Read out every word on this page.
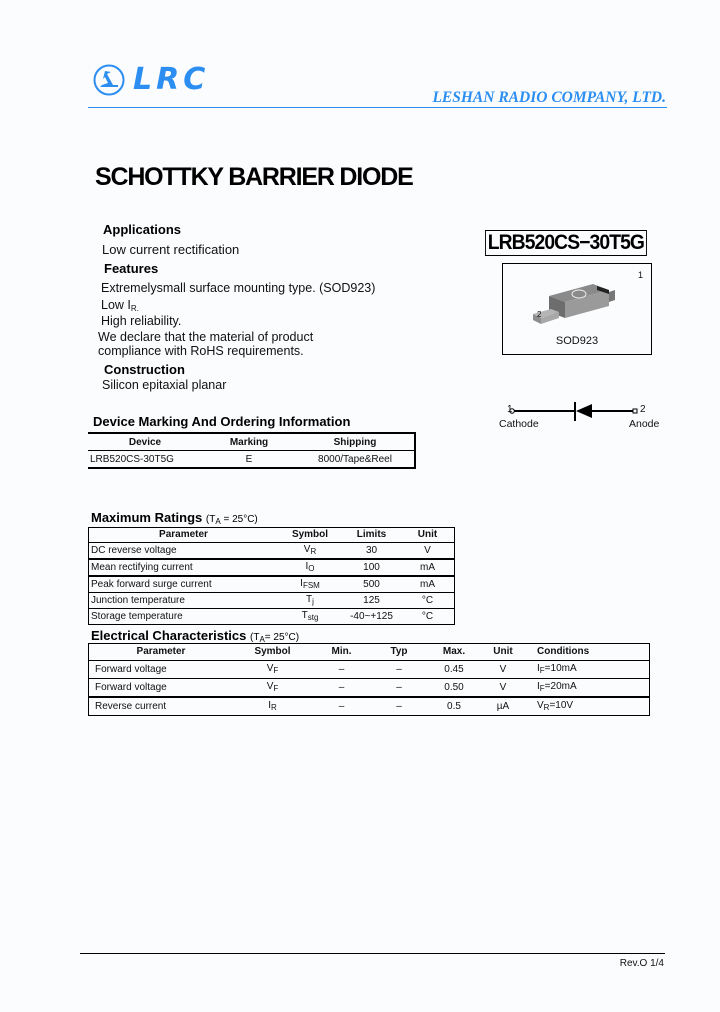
LRC
LESHAN RADIO COMPANY, LTD.
SCHOTTKY BARRIER DIODE
Applications
Low current rectification
Features
Extremelysmall surface mounting type. (SOD923)
Low $I_{R.}$
High reliability.
We declare that the material of product
compliance with RoHS requirements.
Construction
Silicon epitaxial planar
LRB520CS−30T5G
1
2
SOD923
1	2
Cathode	Anode
Device Marking And Ordering Information
Device	Marking	Shipping
LRB520CS-30T5G	E	8000/Tape&Reel
Maximum Ratings $(T_A = 25^\circ C)$
Parameter	Symbol	Limits	Unit
DC reverse voltage	$V_R$	30	V
Mean rectifying current	$I_O$	100	mA
Peak forward surge current	$I_{FSM}$	500	mA
Junction temperature	$T_j$	125	°C
Storage temperature	$T_{stg}$	-40~+125	°C
Electrical Characteristics $(T_A= 25^\circ C)$
Parameter	Symbol	Min.	Typ	Max.	Unit	Conditions
Forward voltage	$V_F$	–	–	0.45	V	$I_F=10mA$
Forward voltage	$V_F$	–	–	0.50	V	$I_F=20mA$
Reverse current	$I_R$	–	–	0.5	µA	$V_R=10V$
Rev.O 1/4
